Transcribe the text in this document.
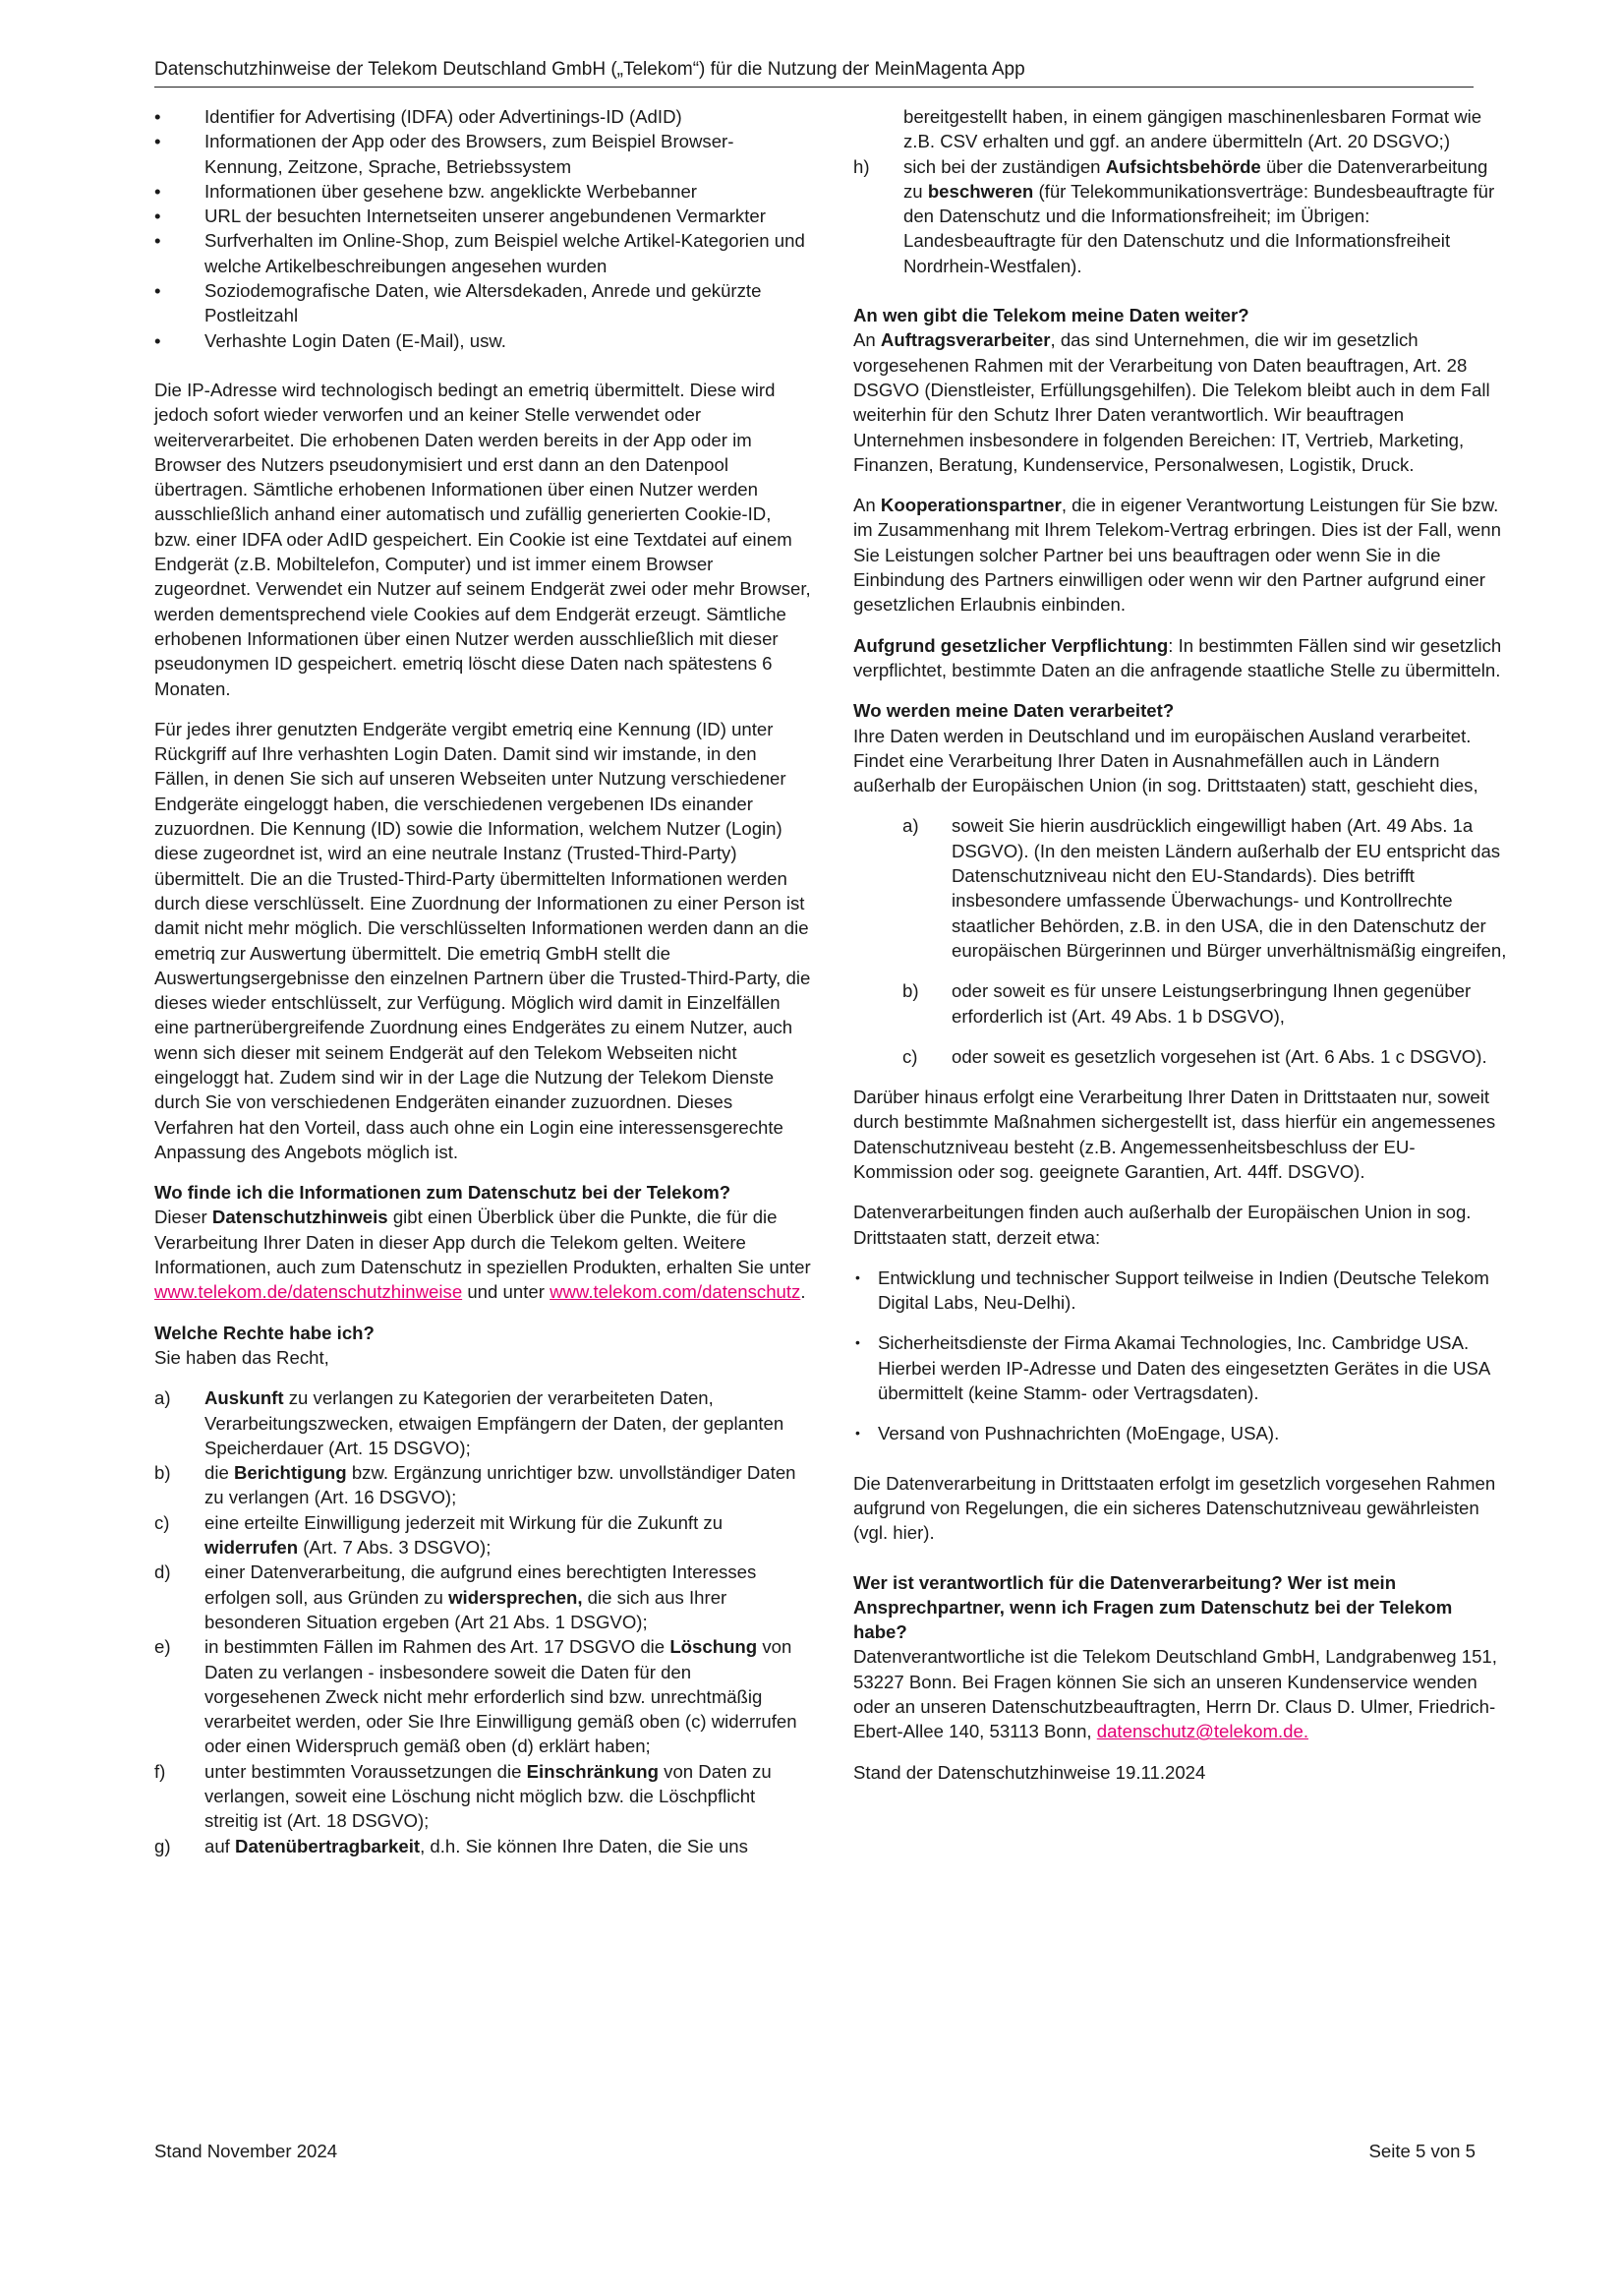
Datenschutzhinweise der Telekom Deutschland GmbH („Telekom“) für die Nutzung der MeinMagenta App
• Identifier for Advertising (IDFA) oder Advertinings-ID (AdID)
• Informationen der App oder des Browsers, zum Beispiel Browser-Kennung, Zeitzone, Sprache, Betriebssystem
• Informationen über gesehene bzw. angeklickte Werbebanner
• URL der besuchten Internetseiten unserer angebundenen Vermarkter
• Surfverhalten im Online-Shop, zum Beispiel welche Artikel-Kategorien und welche Artikelbeschreibungen angesehen wurden
• Soziodemografische Daten, wie Altersdekaden, Anrede und gekürzte Postleitzahl
• Verhashte Login Daten (E-Mail), usw.

Die IP-Adresse wird technologisch bedingt an emetriq übermittelt. Diese wird jedoch sofort wieder verworfen und an keiner Stelle verwendet oder weiterverarbeitet. Die erhobenen Daten werden bereits in der App oder im Browser des Nutzers pseudonymisiert und erst dann an den Datenpool übertragen. Sämtliche erhobenen Informationen über einen Nutzer werden ausschließlich anhand einer automatisch und zufällig generierten Cookie-ID, bzw. einer IDFA oder AdID gespeichert. Ein Cookie ist eine Textdatei auf einem Endgerät (z.B. Mobiltelefon, Computer) und ist immer einem Browser zugeordnet. Verwendet ein Nutzer auf seinem Endgerät zwei oder mehr Browser, werden dementsprechend viele Cookies auf dem Endgerät erzeugt. Sämtliche erhobenen Informationen über einen Nutzer werden ausschließlich mit dieser pseudonymen ID gespeichert. emetriq löscht diese Daten nach spätestens 6 Monaten.

Für jedes ihrer genutzten Endgeräte vergibt emetriq eine Kennung (ID) unter Rückgriff auf Ihre verhashten Login Daten. Damit sind wir imstande, in den Fällen, in denen Sie sich auf unseren Webseiten unter Nutzung verschiedener Endgeräte eingeloggt haben, die verschiedenen vergebenen IDs einander zuzuordnen. Die Kennung (ID) sowie die Information, welchem Nutzer (Login) diese zugeordnet ist, wird an eine neutrale Instanz (Trusted-Third-Party) übermittelt. Die an die Trusted-Third-Party übermittelten Informationen werden durch diese verschlüsselt. Eine Zuordnung der Informationen zu einer Person ist damit nicht mehr möglich. Die verschlüsselten Informationen werden dann an die emetriq zur Auswertung übermittelt. Die emetriq GmbH stellt die Auswertungsergebnisse den einzelnen Partnern über die Trusted-Third-Party, die dieses wieder entschlüsselt, zur Verfügung. Möglich wird damit in Einzelfällen eine partnerübergreifende Zuordnung eines Endgerätes zu einem Nutzer, auch wenn sich dieser mit seinem Endgerät auf den Telekom Webseiten nicht eingeloggt hat. Zudem sind wir in der Lage die Nutzung der Telekom Dienste durch Sie von verschiedenen Endgeräten einander zuzuordnen. Dieses Verfahren hat den Vorteil, dass auch ohne ein Login eine interessensgerechte Anpassung des Angebots möglich ist.

Wo finde ich die Informationen zum Datenschutz bei der Telekom?

Dieser Datenschutzhinweis gibt einen Überblick über die Punkte, die für die Verarbeitung Ihrer Daten in dieser App durch die Telekom gelten. Weitere Informationen, auch zum Datenschutz in speziellen Produkten, erhalten Sie unter www.telekom.de/datenschutzhinweise und unter www.telekom.com/datenschutz.

Welche Rechte habe ich?

Sie haben das Recht,

a) Auskunft zu verlangen zu Kategorien der verarbeiteten Daten, Verarbeitungszwecken, etwaigen Empfängern der Daten, der geplanten Speicherdauer (Art. 15 DSGVO);
b) die Berichtigung bzw. Ergänzung unrichtiger bzw. unvollständiger Daten zu verlangen (Art. 16 DSGVO);
c) eine erteilte Einwilligung jederzeit mit Wirkung für die Zukunft zu widerrufen (Art. 7 Abs. 3 DSGVO);
d) einer Datenverarbeitung, die aufgrund eines berechtigten Interesses erfolgen soll, aus Gründen zu widersprechen, die sich aus Ihrer besonderen Situation ergeben (Art 21 Abs. 1 DSGVO);
e) in bestimmten Fällen im Rahmen des Art. 17 DSGVO die Löschung von Daten zu verlangen - insbesondere soweit die Daten für den vorgesehenen Zweck nicht mehr erforderlich sind bzw. unrechtmäßig verarbeitet werden, oder Sie Ihre Einwilligung gemäß oben (c) widerrufen oder einen Widerspruch gemäß oben (d) erklärt haben;
f) unter bestimmten Voraussetzungen die Einschränkung von Daten zu verlangen, soweit eine Löschung nicht möglich bzw. die Löschpflicht streitig ist (Art. 18 DSGVO);
g) auf Datenübertragbarkeit, d.h. Sie können Ihre Daten, die Sie uns
bereitgestellt haben, in einem gängigen maschinenlesbaren Format wie z.B. CSV erhalten und ggf. an andere übermitteln (Art. 20 DSGVO;)
h) sich bei der zuständigen Aufsichtsbehörde über die Datenverarbeitung zu beschweren (für Telekommunikationsverträge: Bundesbeauftragte für den Datenschutz und die Informationsfreiheit; im Übrigen: Landesbeauftragte für den Datenschutz und die Informationsfreiheit Nordrhein-Westfalen).
An wen gibt die Telekom meine Daten weiter?

An Auftragsverarbeiter, das sind Unternehmen, die wir im gesetzlich vorgesehenen Rahmen mit der Verarbeitung von Daten beauftragen, Art. 28 DSGVO (Dienstleister, Erfüllungsgehilfen). Die Telekom bleibt auch in dem Fall weiterhin für den Schutz Ihrer Daten verantwortlich. Wir beauftragen Unternehmen insbesondere in folgenden Bereichen: IT, Vertrieb, Marketing, Finanzen, Beratung, Kundenservice, Personalwesen, Logistik, Druck.

An Kooperationspartner, die in eigener Verantwortung Leistungen für Sie bzw. im Zusammenhang mit Ihrem Telekom-Vertrag erbringen. Dies ist der Fall, wenn Sie Leistungen solcher Partner bei uns beauftragen oder wenn Sie in die Einbindung des Partners einwilligen oder wenn wir den Partner aufgrund einer gesetzlichen Erlaubnis einbinden.

Aufgrund gesetzlicher Verpflichtung: In bestimmten Fällen sind wir gesetzlich verpflichtet, bestimmte Daten an die anfragende staatliche Stelle zu übermitteln.

Wo werden meine Daten verarbeitet?

Ihre Daten werden in Deutschland und im europäischen Ausland verarbeitet. Findet eine Verarbeitung Ihrer Daten in Ausnahmefällen auch in Ländern außerhalb der Europäischen Union (in sog. Drittstaaten) statt, geschieht dies,

a) soweit Sie hierin ausdrücklich eingewilligt haben (Art. 49 Abs. 1a DSGVO). (In den meisten Ländern außerhalb der EU entspricht das Datenschutzniveau nicht den EU-Standards). Dies betrifft insbesondere umfassende Überwachungs- und Kontrollrechte staatlicher Behörden, z.B. in den USA, die in den Datenschutz der europäischen Bürgerinnen und Bürger unverhältnismäßig eingreifen,
b) oder soweit es für unsere Leistungserbringung Ihnen gegenüber erforderlich ist (Art. 49 Abs. 1 b DSGVO),
c) oder soweit es gesetzlich vorgesehen ist (Art. 6 Abs. 1 c DSGVO).

Darüber hinaus erfolgt eine Verarbeitung Ihrer Daten in Drittstaaten nur, soweit durch bestimmte Maßnahmen sichergestellt ist, dass hierfür ein angemessenes Datenschutzniveau besteht (z.B. Angemessenheitsbeschluss der EU-Kommission oder sog. geeignete Garantien, Art. 44ff. DSGVO).

Datenverarbeitungen finden auch außerhalb der Europäischen Union in sog. Drittstaaten statt, derzeit etwa:

• Entwicklung und technischer Support teilweise in Indien (Deutsche Telekom Digital Labs, Neu-Delhi).
• Sicherheitsdienste der Firma Akamai Technologies, Inc. Cambridge USA. Hierbei werden IP-Adresse und Daten des eingesetzten Gerätes in die USA übermittelt (keine Stamm- oder Vertragsdaten).
• Versand von Pushnachrichten (MoEngage, USA).

Die Datenverarbeitung in Drittstaaten erfolgt im gesetzlich vorgesehen Rahmen aufgrund von Regelungen, die ein sicheres Datenschutzniveau gewährleisten (vgl. hier).

Wer ist verantwortlich für die Datenverarbeitung? Wer ist mein Ansprechpartner, wenn ich Fragen zum Datenschutz bei der Telekom habe?

Datenverantwortliche ist die Telekom Deutschland GmbH, Landgrabenweg 151, 53227 Bonn. Bei Fragen können Sie sich an unseren Kundenservice wenden oder an unseren Datenschutzbeauftragten, Herrn Dr. Claus D. Ulmer, Friedrich-Ebert-Allee 140, 53113 Bonn, datenschutz@telekom.de.

Stand der Datenschutzhinweise 19.11.2024

Stand November 2024	Seite 5 von 5
